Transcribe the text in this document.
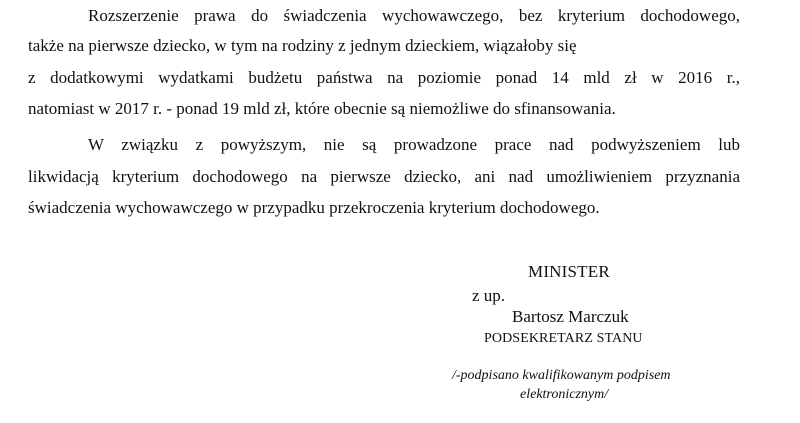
Rozszerzenie prawa do świadczenia wychowawczego, bez kryterium dochodowego,
także na pierwsze dziecko, w tym na rodziny z jednym dzieckiem, wiązałoby się
z dodatkowymi wydatkami budżetu państwa na poziomie ponad 14 mld zł w 2016 r.,
natomiast w 2017 r. - ponad 19 mld zł, które obecnie są niemożliwe do sfinansowania.
W związku z powyższym, nie są prowadzone prace nad podwyższeniem lub
likwidacją kryterium dochodowego na pierwsze dziecko, ani nad umożliwieniem przyznania
świadczenia wychowawczego w przypadku przekroczenia kryterium dochodowego.
MINISTER
z up.
Bartosz Marczuk
PODSEKRETARZ STANU
/-podpisano kwalifikowanym podpisem
elektronicznym/
